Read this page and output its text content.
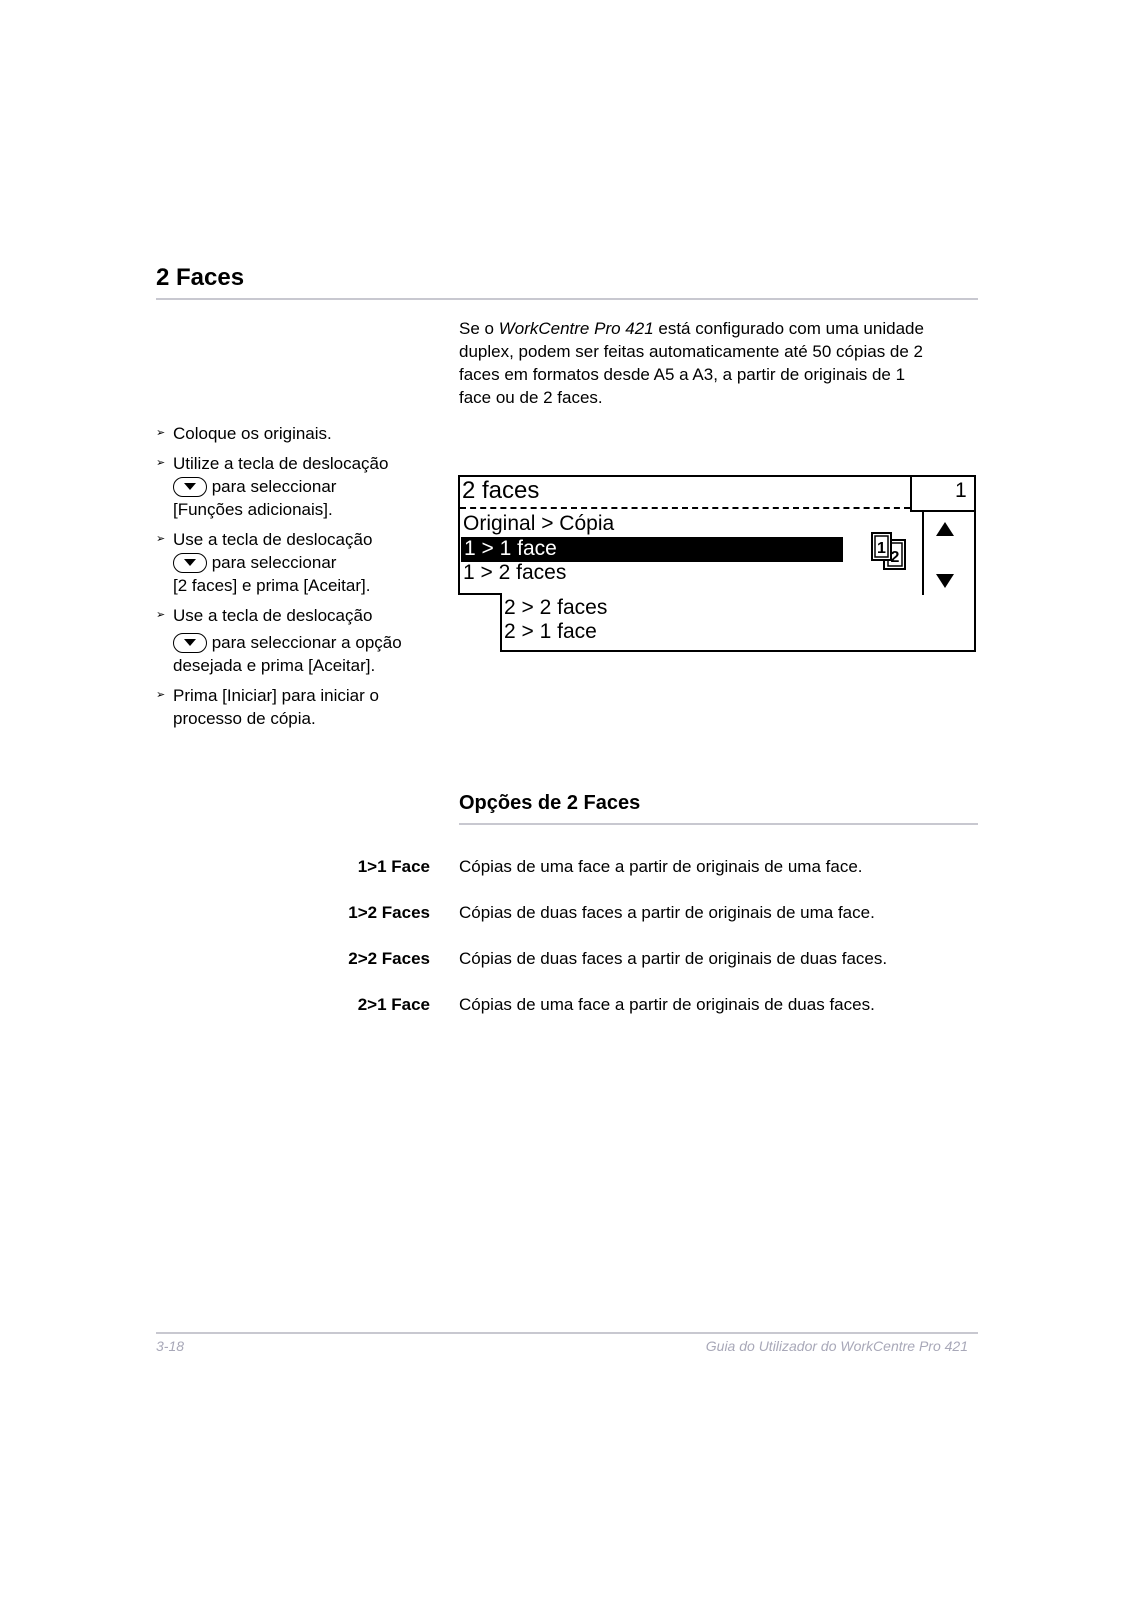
2 Faces
Se o WorkCentre Pro 421 está configurado com uma unidade
duplex, podem ser feitas automaticamente até 50 cópias de 2
faces em formatos desde A5 a A3, a partir de originais de 1
face ou de 2 faces.
➢ Coloque os originais.
➢ Utilize a tecla de deslocação
para seleccionar
[Funções adicionais].
➢ Use a tecla de deslocação
para seleccionar
[2 faces] e prima [Aceitar].
➢ Use a tecla de deslocação
para seleccionar a opção
desejada e prima [Aceitar].
➢ Prima [Iniciar] para iniciar o
processo de cópia.
2 faces	1
Original > Cópia
1 > 1 face
1 > 2 faces
2 > 2 faces
2 > 1 face
1
2
Opções de 2 Faces
1>1 Face Cópias de uma face a partir de originais de uma face.
1>2 Faces Cópias de duas faces a partir de originais de uma face.
2>2 Faces Cópias de duas faces a partir de originais de duas faces.
2>1 Face Cópias de uma face a partir de originais de duas faces.
3-18	Guia do Utilizador do WorkCentre Pro 421
